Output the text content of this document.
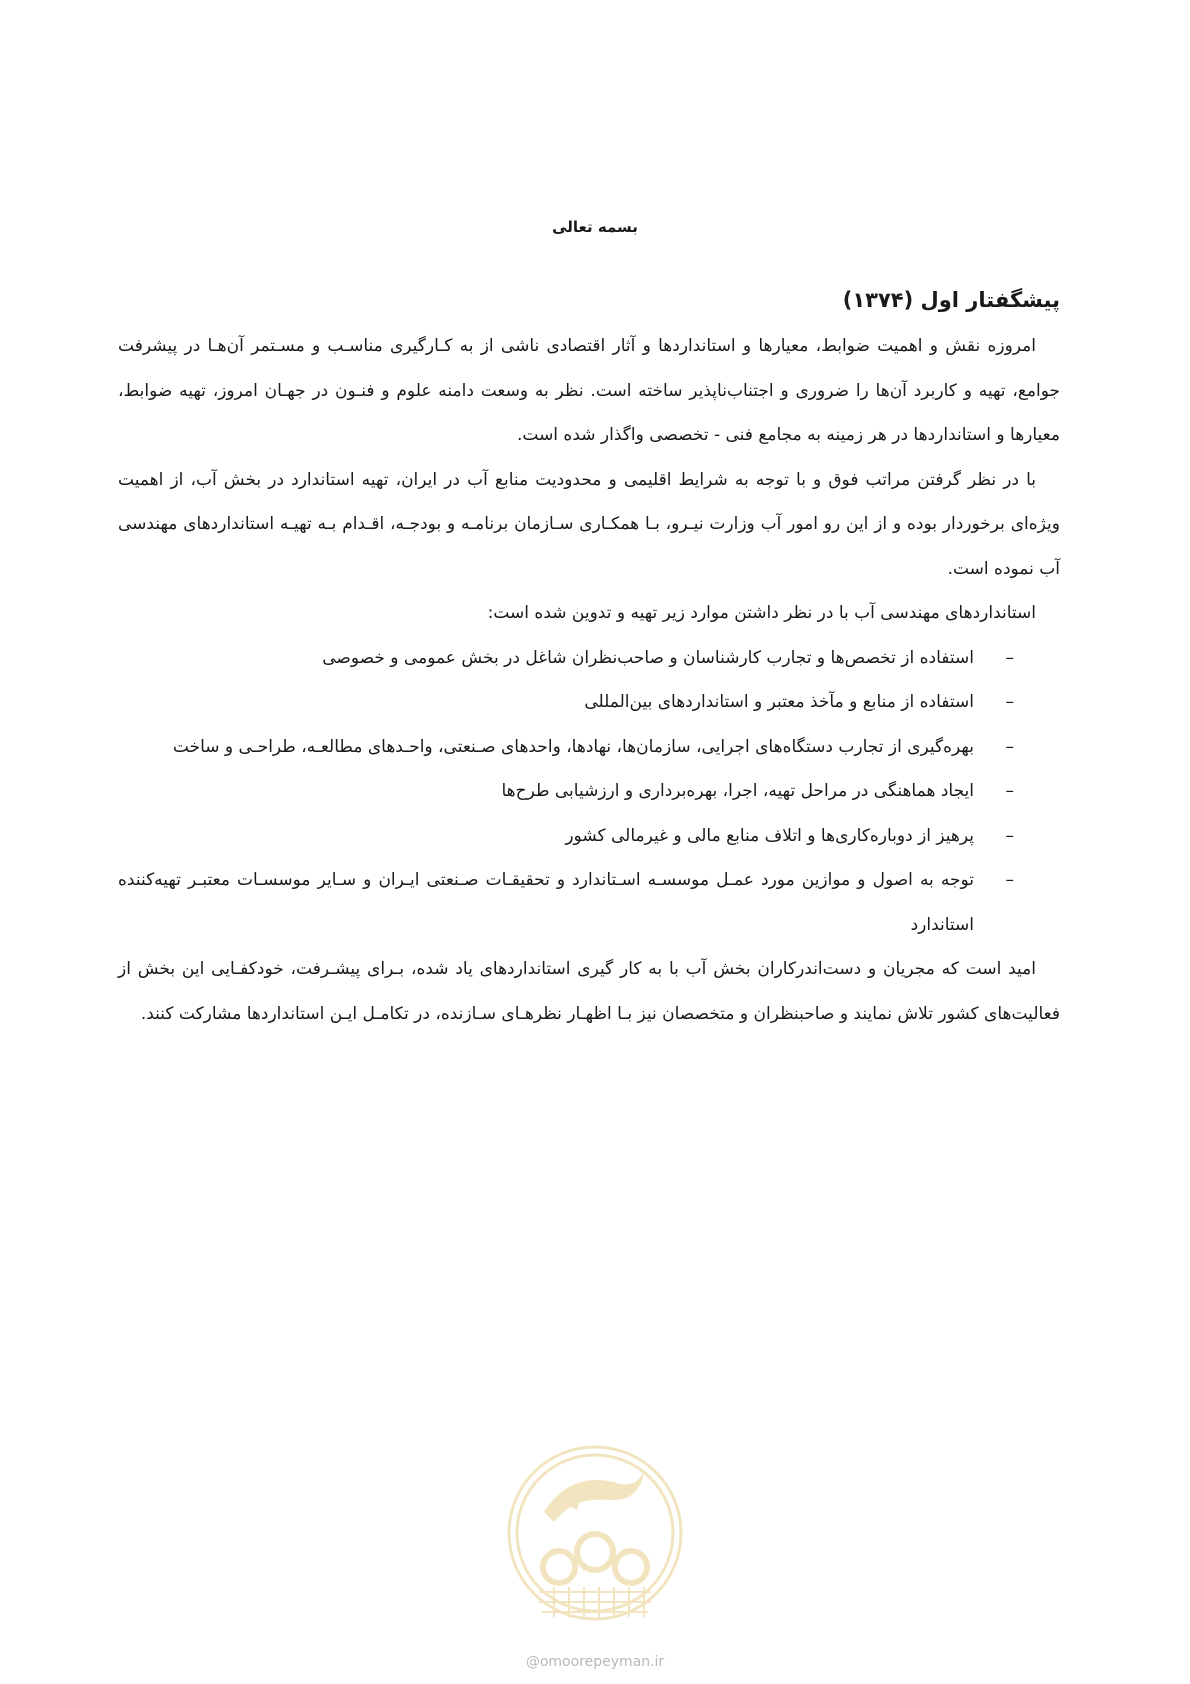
بسمه تعالی
پیشگفتار اول (۱۳۷۴)

امروزه نقش و اهمیت ضوابط، معیارها و استانداردها و آثار اقتصادی ناشی از به کـارگیری مناسـب و مسـتمر آن‌هـا در پیشرفت جوامع، تهیه و کاربرد آن‌ها را ضروری و اجتناب‌ناپذیر ساخته است. نظر به وسعت دامنه علوم و فنـون در جهـان امروز، تهیه ضوابط، معیارها و استانداردها در هر زمینه به مجامع فنی - تخصصی واگذار شده است.

با در نظر گرفتن مراتب فوق و با توجه به شرایط اقلیمی و محدودیت منابع آب در ایران، تهیه استاندارد در بخش آب، از اهمیت ویژه‌ای برخوردار بوده و از این رو امور آب وزارت نیـرو، بـا همکـاری سـازمان برنامـه و بودجـه، اقـدام بـه تهیـه استانداردهای مهندسی آب نموده است.

استانداردهای مهندسی آب با در نظر داشتن موارد زیر تهیه و تدوین شده است:

–
استفاده از تخصص‌ها و تجارب کارشناسان و صاحب‌نظران شاغل در بخش عمومی و خصوصی
–
استفاده از منابع و مآخذ معتبر و استانداردهای بین‌المللی
–
بهره‌گیری از تجارب دستگاه‌های اجرایی، سازمان‌ها، نهادها، واحدهای صـنعتی، واحـدهای مطالعـه، طراحـی و ساخت
–
ایجاد هماهنگی در مراحل تهیه، اجرا، بهره‌برداری و ارزشیابی طرح‌ها
–
پرهیز از دوباره‌کاری‌ها و اتلاف منابع مالی و غیرمالی کشور
–
توجه به اصول و موازین مورد عمـل موسسـه اسـتاندارد و تحقیقـات صـنعتی ایـران و سـایر موسسـات معتبـر تهیه‌کننده استاندارد

امید است که مجریان و دست‌اندرکاران بخش آب با به کار گیری استانداردهای یاد شده، بـرای پیشـرفت، خودکفـایی این بخش از فعالیت‌های کشور تلاش نمایند و صاحبنظران و متخصصان نیز بـا اظهـار نظرهـای سـازنده، در تکامـل ایـن استانداردها مشارکت کنند.

@omoorepeyman.ir
